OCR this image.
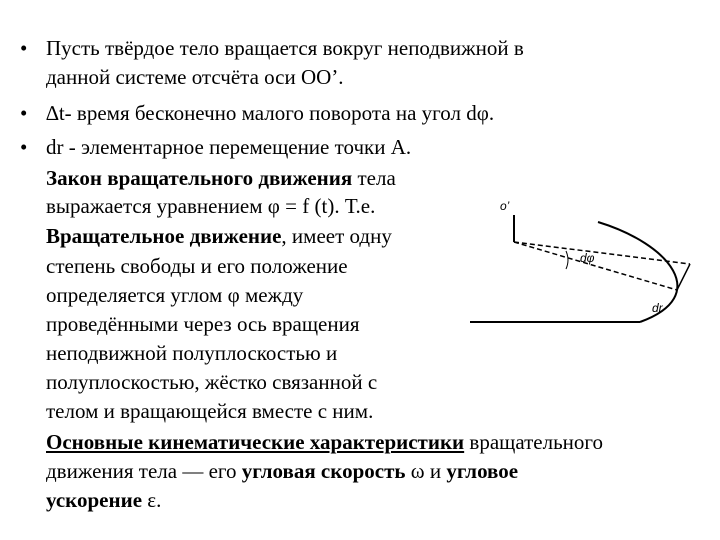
• Пусть твёрдое тело вращается вокруг неподвижной в
данной системе отсчёта оси OO’.
• ∆t- время бесконечно малого поворота на угол dφ.
• dr - элементарное перемещение точки A.
Закон вращательного движения тела
выражается уравнением φ = f (t). Т.е.
Вращательное движение, имеет одну
степень свободы и его положение
определяется углом φ между
проведёнными через ось вращения
неподвижной полуплоскостью и
полуплоскостью, жёстко связанной с
телом и вращающейся вместе с ним.
Основные кинематические характеристики вращательного
движения тела — его угловая скорость ω и угловое
ускорение ε.
o’
dφ
dr
